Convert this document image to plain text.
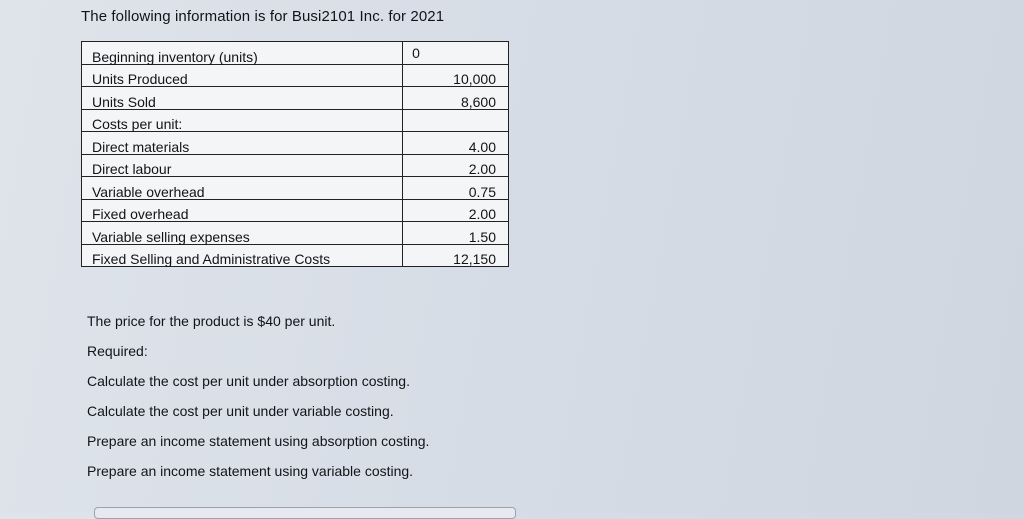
The following information is for Busi2101 Inc. for 2021
Beginning inventory (units)	0
Units Produced	10,000
Units Sold	8,600
Costs per unit:	
Direct materials	4.00
Direct labour	2.00
Variable overhead	0.75
Fixed overhead	2.00
Variable selling expenses	1.50
Fixed Selling and Administrative Costs	12,150
The price for the product is $40 per unit.
Required:
Calculate the cost per unit under absorption costing.
Calculate the cost per unit under variable costing.
Prepare an income statement using absorption costing.
Prepare an income statement using variable costing.
